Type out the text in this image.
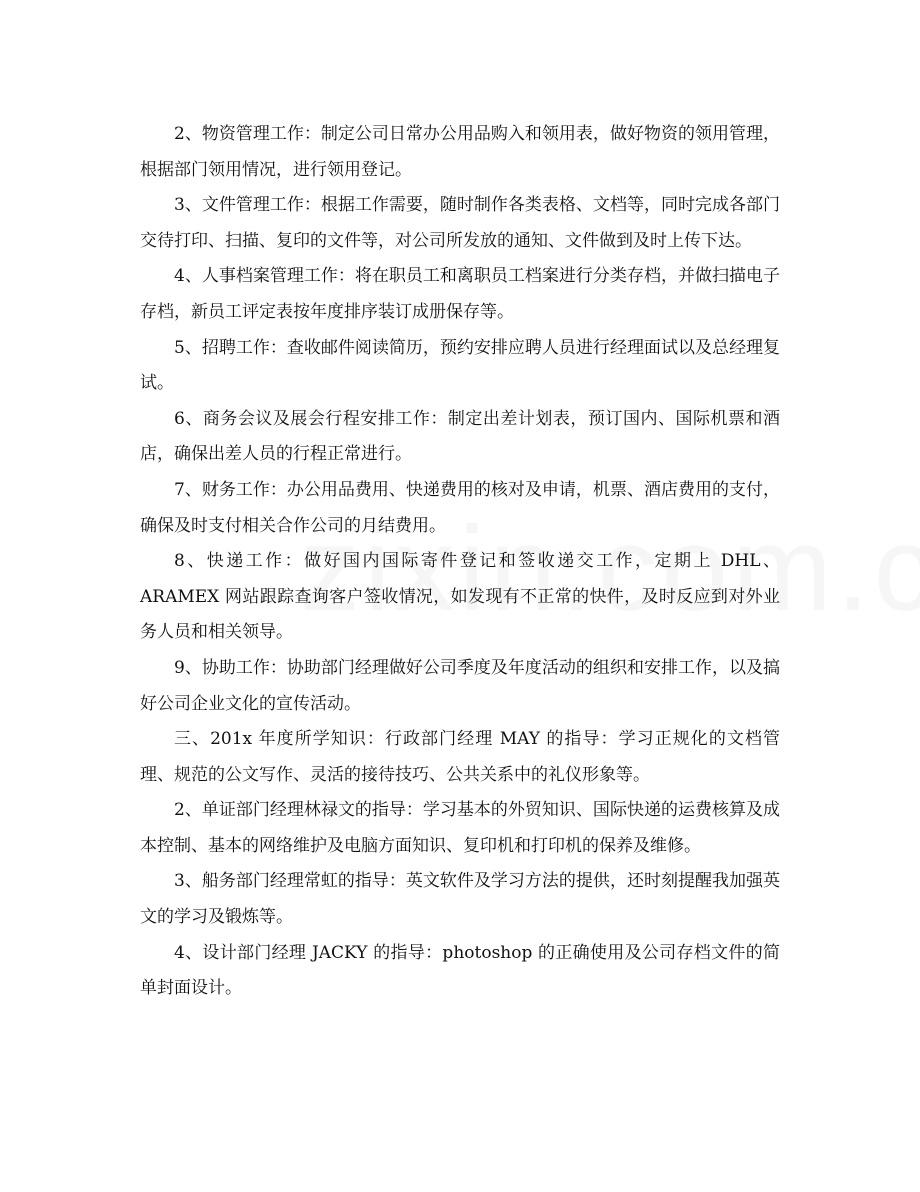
2、物资管理工作：制定公司日常办公用品购入和领用表，做好物资的领用管理，根据部门领用情况，进行领用登记。

3、文件管理工作：根据工作需要，随时制作各类表格、文档等，同时完成各部门交待打印、扫描、复印的文件等，对公司所发放的通知、文件做到及时上传下达。

4、人事档案管理工作：将在职员工和离职员工档案进行分类存档，并做扫描电子存档，新员工评定表按年度排序装订成册保存等。

5、招聘工作：查收邮件阅读简历，预约安排应聘人员进行经理面试以及总经理复试。

6、商务会议及展会行程安排工作：制定出差计划表，预订国内、国际机票和酒店，确保出差人员的行程正常进行。

7、财务工作：办公用品费用、快递费用的核对及申请，机票、酒店费用的支付，确保及时支付相关合作公司的月结费用。

8、快递工作：做好国内国际寄件登记和签收递交工作，定期上 DHL、ARAMEX 网站跟踪查询客户签收情况，如发现有不正常的快件，及时反应到对外业务人员和相关领导。

9、协助工作：协助部门经理做好公司季度及年度活动的组织和安排工作，以及搞好公司企业文化的宣传活动。

三、201x 年度所学知识：行政部门经理 MAY 的指导：学习正规化的文档管理、规范的公文写作、灵活的接待技巧、公共关系中的礼仪形象等。

2、单证部门经理林禄文的指导：学习基本的外贸知识、国际快递的运费核算及成本控制、基本的网络维护及电脑方面知识、复印机和打印机的保养及维修。

3、船务部门经理常虹的指导：英文软件及学习方法的提供，还时刻提醒我加强英文的学习及锻炼等。

4、设计部门经理 JACKY 的指导：photoshop 的正确使用及公司存档文件的简单封面设计。
